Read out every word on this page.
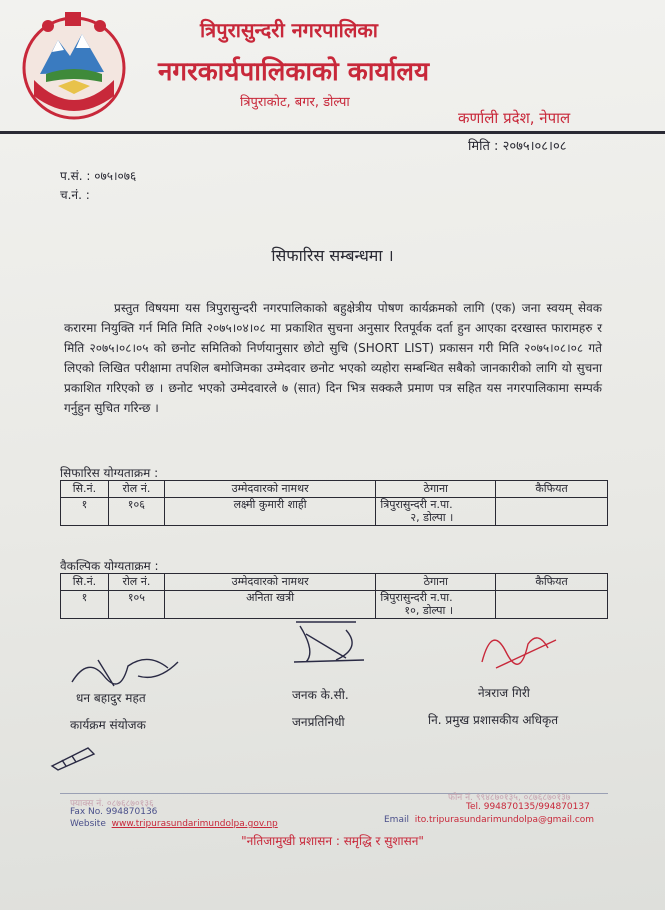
त्रिपुरासुन्दरी नगरपालिका
नगरकार्यपालिकाको कार्यालय
त्रिपुराकोट, बगर, डोल्पा
कर्णाली प्रदेश, नेपाल
मिति : २०७५।०८।०८
प.सं. : ०७५।०७६
च.नं. :
सिफारिस सम्बन्धमा ।
प्रस्तुत विषयमा यस त्रिपुरासुन्दरी नगरपालिकाको बहुक्षेत्रीय पोषण कार्यक्रमको लागि (एक) जना स्वयम् सेवक करारमा नियुक्ति गर्न मिति मिति २०७५।०४।०८ मा प्रकाशित सुचना अनुसार रितपूर्वक दर्ता हुन आएका दरखास्त फारामहरु र मिति २०७५।०८।०५ को छनोट समितिको निर्णयानुसार छोटो सुचि (SHORT LIST) प्रकासन गरी मिति २०७५।०८।०८ गते लिएको लिखित परीक्षामा तपशिल बमोजिमका उम्मेदवार छनोट भएको व्यहोरा सम्बन्धित सबैको जानकारीको लागि यो सुचना प्रकाशित गरिएको छ । छनोट भएको उम्मेदवारले ७ (सात) दिन भित्र सक्कलै प्रमाण पत्र सहित यस नगरपालिकामा सम्पर्क गर्नुहुन सुचित गरिन्छ ।
सिफारिस योग्यताक्रम :
सि.नं.	रोल नं.	उम्मेदवारको नामथर	ठेगाना	कैफियत
१	१०६	लक्ष्मी कुमारी शाही	त्रिपुरासुन्दरी न.पा.
२, डोल्पा ।	

वैकल्पिक योग्यताक्रम :
सि.नं.	रोल नं.	उम्मेदवारको नामथर	ठेगाना	कैफियत
१	१०५	अनिता खत्री	त्रिपुरासुन्दरी न.पा.
१०, डोल्पा ।	

धन बहादुर महत
कार्यक्रम संयोजक
जनक के.सी.
जनप्रतिनिधी
नेत्रराज गिरी
नि. प्रमुख प्रशासकीय अधिकृत
फ्याक्स नं. ०८७६८७०१३६
Fax No. 994870136
Website www.tripurasundarimundolpa.gov.np
फोन नं. ९९४८७०१३५, ०८७६८७०१३७
Tel. 994870135/994870137
Email ito.tripurasundarimundolpa@gmail.com
"नतिजामुखी प्रशासन : समृद्धि र सुशासन"
